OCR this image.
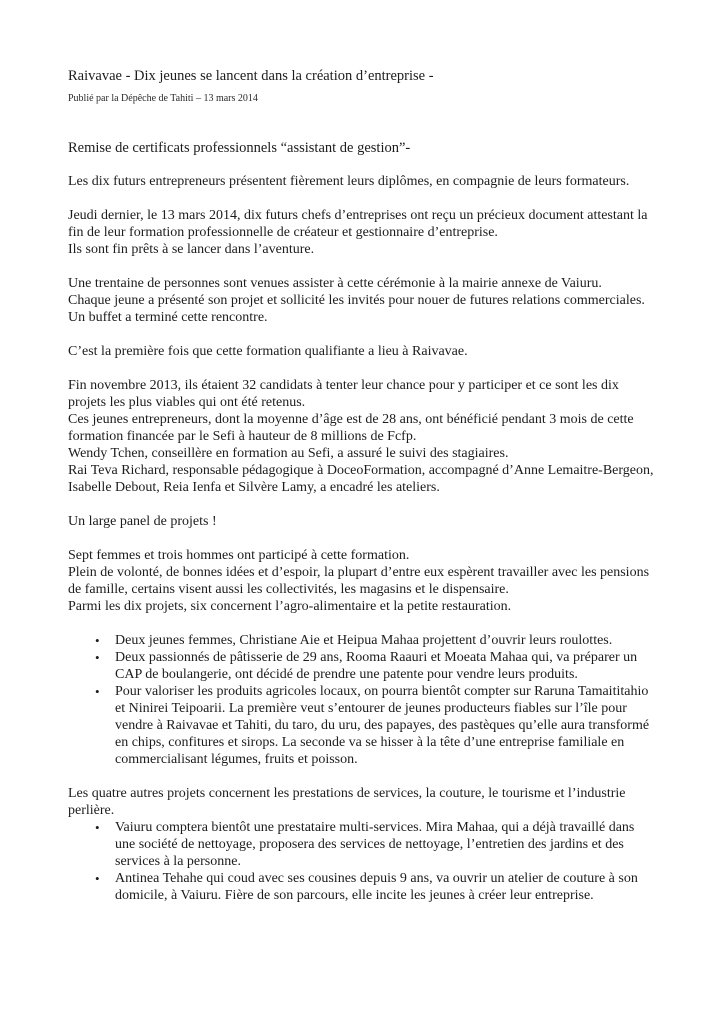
Raivavae - Dix jeunes se lancent dans la création d’entreprise -
Publié par la Dépêche de Tahiti – 13 mars 2014
Remise de certificats professionnels “assistant de gestion”-

Les dix futurs entrepreneurs présentent fièrement leurs diplômes, en compagnie de leurs formateurs.

Jeudi dernier, le 13 mars 2014, dix futurs chefs d’entreprises ont reçu un précieux document attestant la fin de leur formation professionnelle de créateur et gestionnaire d’entreprise.
Ils sont fin prêts à se lancer dans l’aventure.

Une trentaine de personnes sont venues assister à cette cérémonie à la mairie annexe de Vaiuru.
Chaque jeune a présenté son projet et sollicité les invités pour nouer de futures relations commerciales. Un buffet a terminé cette rencontre.

C’est la première fois que cette formation qualifiante a lieu à Raivavae.

Fin novembre 2013, ils étaient 32 candidats à tenter leur chance pour y participer et ce sont les dix projets les plus viables qui ont été retenus.
Ces jeunes entrepreneurs, dont la moyenne d’âge est de 28 ans, ont bénéficié pendant 3 mois de cette formation financée par le Sefi à hauteur de 8 millions de Fcfp.
Wendy Tchen, conseillère en formation au Sefi, a assuré le suivi des stagiaires.
Rai Teva Richard, responsable pédagogique à DoceoFormation, accompagné d’Anne Lemaitre-Bergeon, Isabelle Debout, Reia Ienfa et Silvère Lamy, a encadré les ateliers.

Un large panel de projets !

Sept femmes et trois hommes ont participé à cette formation.
Plein de volonté, de bonnes idées et d’espoir, la plupart d’entre eux espèrent travailler avec les pensions de famille, certains visent aussi les collectivités, les magasins et le dispensaire.
Parmi les dix projets, six concernent l’agro-alimentaire et la petite restauration.

• Deux jeunes femmes, Christiane Aie et Heipua Mahaa projettent d’ouvrir leurs roulottes.
• Deux passionnés de pâtisserie de 29 ans, Rooma Raauri et Moeata Mahaa qui, va préparer un CAP de boulangerie, ont décidé de prendre une patente pour vendre leurs produits.
• Pour valoriser les produits agricoles locaux, on pourra bientôt compter sur Raruna Tamaititahio et Ninirei Teipoarii. La première veut s’entourer de jeunes producteurs fiables sur l’île pour vendre à Raivavae et Tahiti, du taro, du uru, des papayes, des pastèques qu’elle aura transformé en chips, confitures et sirops. La seconde va se hisser à la tête d’une entreprise familiale en commercialisant légumes, fruits et poisson.

Les quatre autres projets concernent les prestations de services, la couture, le tourisme et l’industrie perlière.

• Vaiuru comptera bientôt une prestataire multi-services. Mira Mahaa, qui a déjà travaillé dans une société de nettoyage, proposera des services de nettoyage, l’entretien des jardins et des services à la personne.
• Antinea Tehahe qui coud avec ses cousines depuis 9 ans, va ouvrir un atelier de couture à son domicile, à Vaiuru. Fière de son parcours, elle incite les jeunes à créer leur entreprise.
